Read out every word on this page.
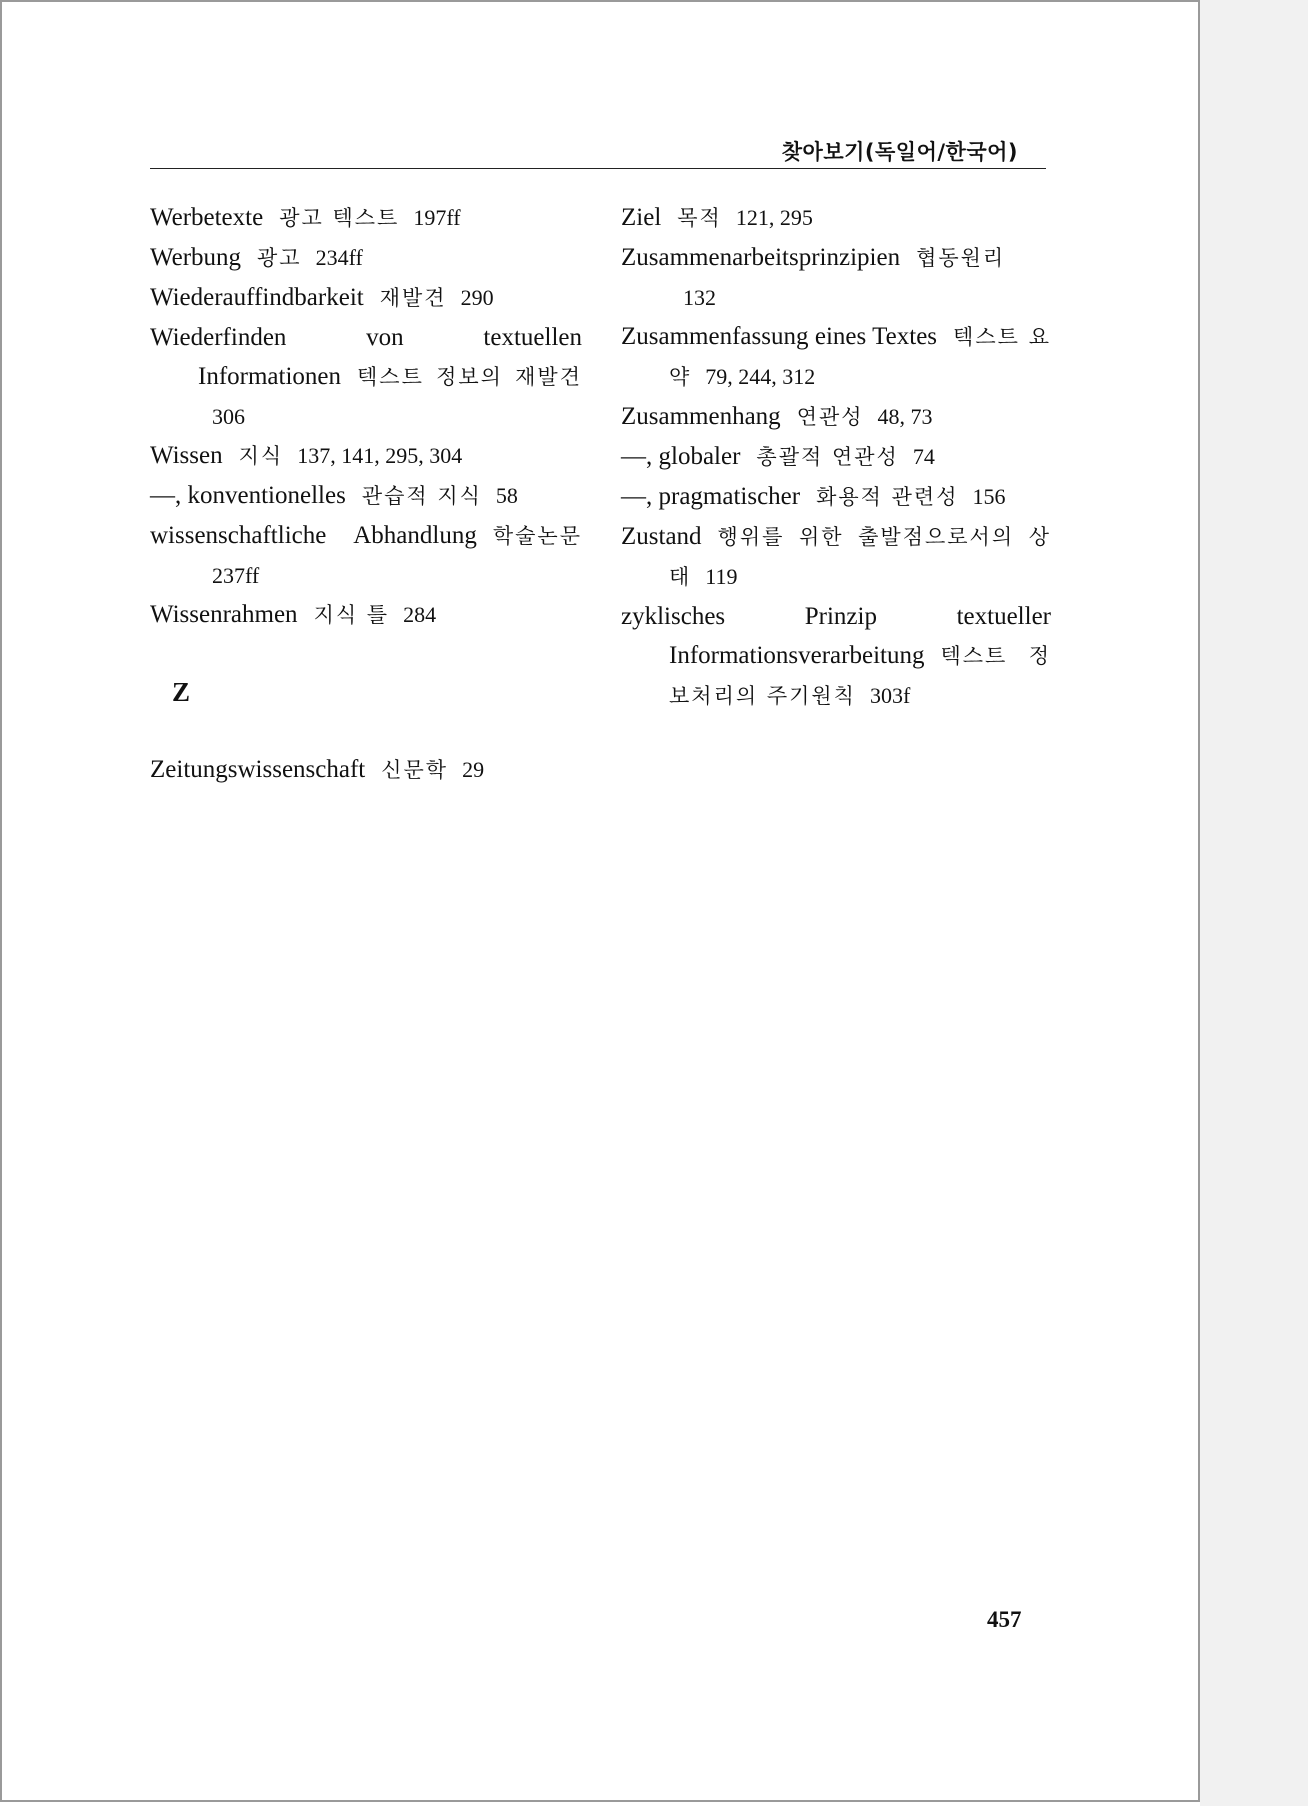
찾아보기(독일어/한국어)
Werbetexte 광고 텍스트 197ff
Werbung 광고 234ff
Wiederauffindbarkeit 재발견 290
Wiederfinden von textuellen Informationen 텍스트 정보의 재발견306
Wissen 지식 137, 141, 295, 304
—, konventionelles 관습적 지식 58
wissenschaftliche Abhandlung 학술논문237ff
Wissenrahmen 지식 틀 284
Z
Zeitungswissenschaft 신문학 29
Ziel 목적 121, 295
Zusammenarbeitsprinzipien 협동원리132
Zusammenfassung eines Textes 텍스트 요약 79, 244, 312
Zusammenhang 연관성 48, 73
—, globaler 총괄적 연관성 74
—, pragmatischer 화용적 관련성 156
Zustand 행위를 위한 출발점으로서의 상태 119
zyklisches Prinzip textueller Informationsverarbeitung 텍스트 정보처리의 주기원칙 303f
457
